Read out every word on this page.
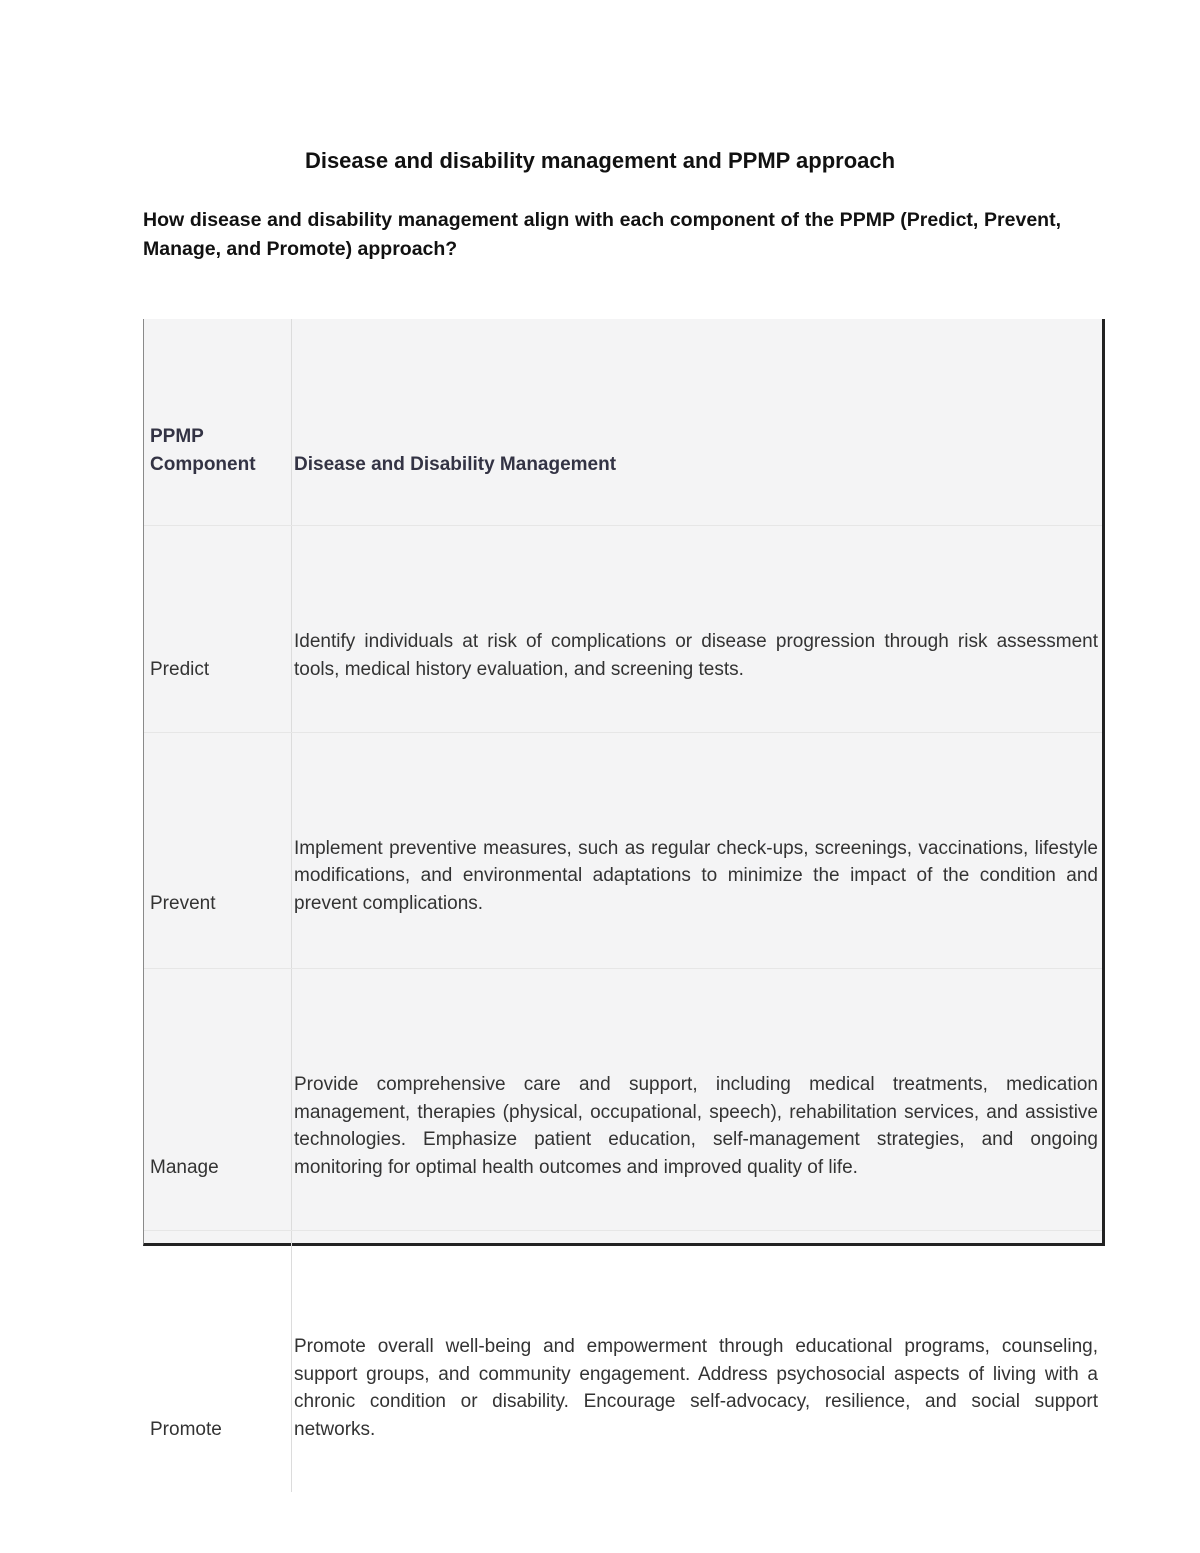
Disease and disability management and PPMP approach
How disease and disability management align with each component of the PPMP (Predict, Prevent, Manage, and Promote) approach?
PPMP Component	Disease and Disability Management
Predict	Identify individuals at risk of complications or disease progression through risk assessment tools, medical history evaluation, and screening tests.
Prevent	Implement preventive measures, such as regular check-ups, screenings, vaccinations, lifestyle modifications, and environmental adaptations to minimize the impact of the condition and prevent complications.
Manage	Provide comprehensive care and support, including medical treatments, medication management, therapies (physical, occupational, speech), rehabilitation services, and assistive technologies. Emphasize patient education, self-management strategies, and ongoing monitoring for optimal health outcomes and improved quality of life.
Promote	Promote overall well-being and empowerment through educational programs, counseling, support groups, and community engagement. Address psychosocial aspects of living with a chronic condition or disability. Encourage self-advocacy, resilience, and social support networks.
